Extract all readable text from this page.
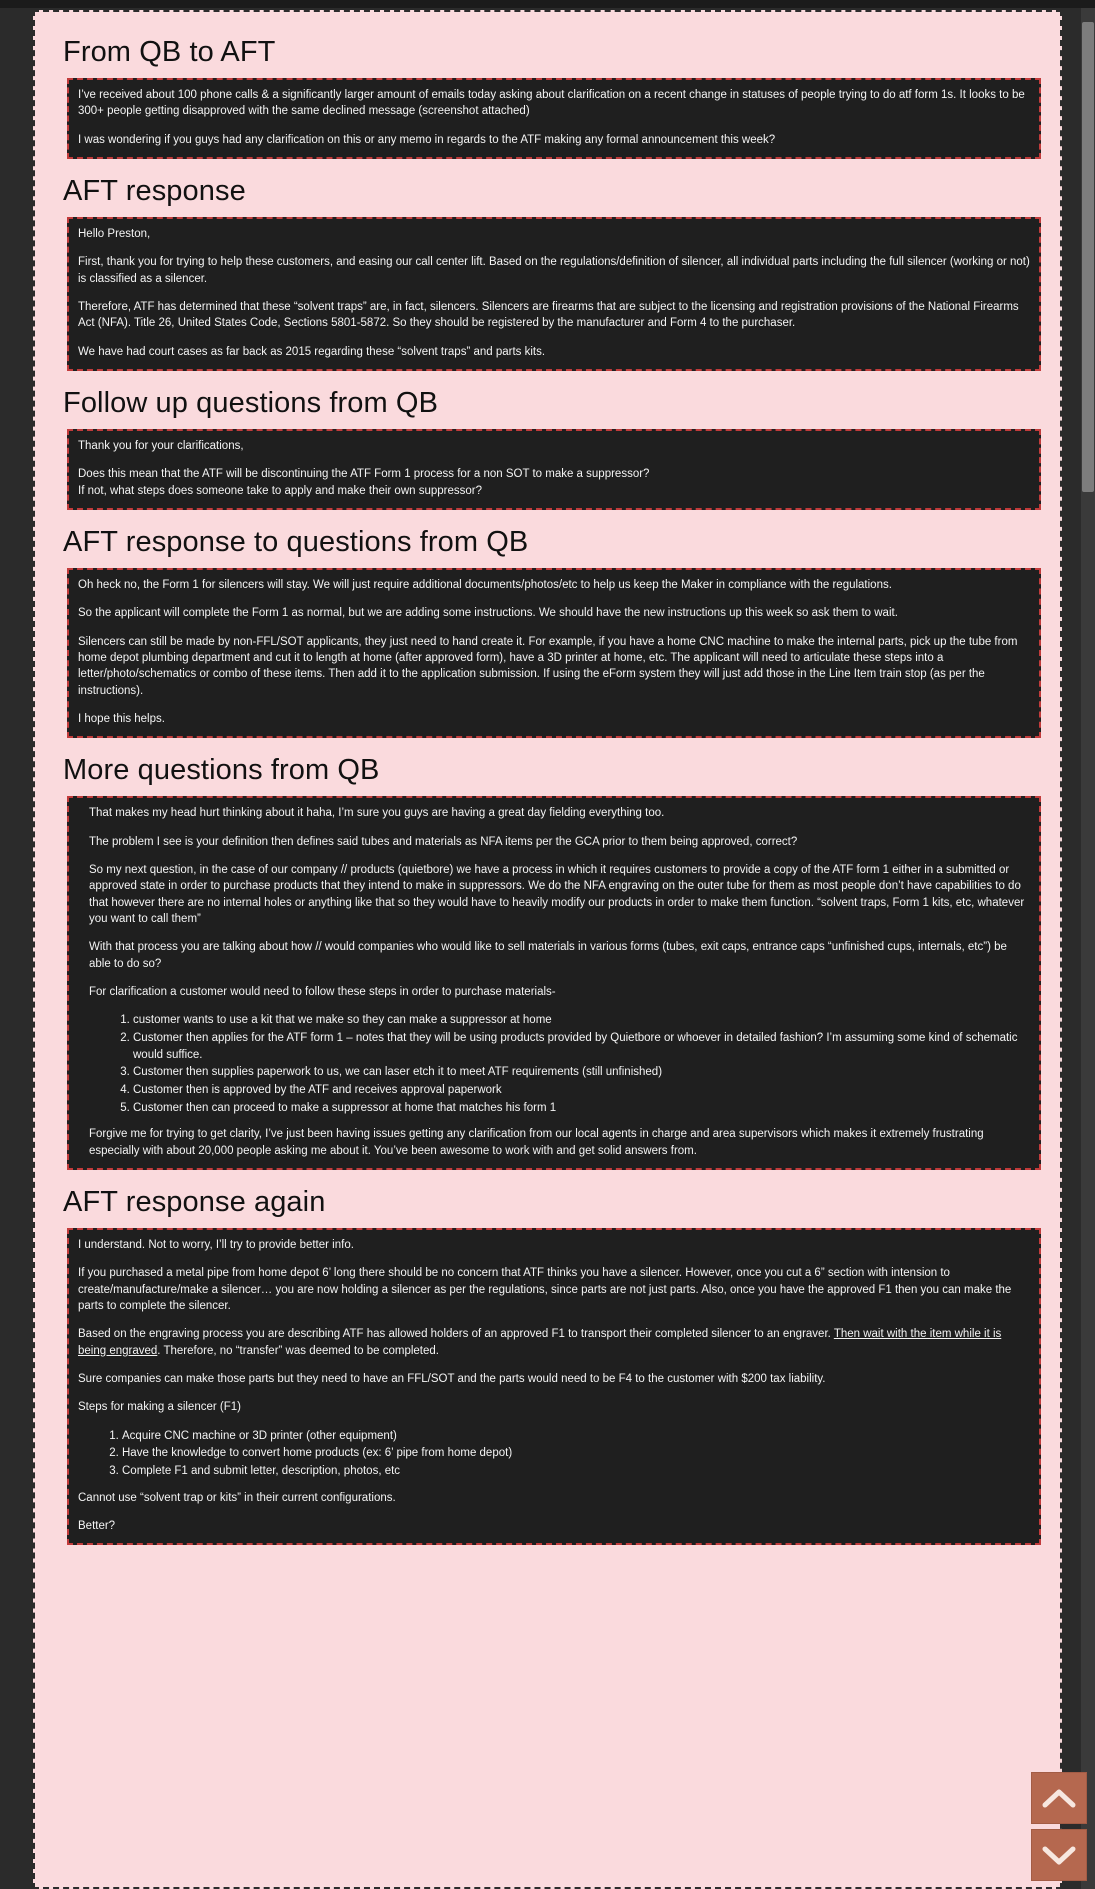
From QB to AFT

I’ve received about 100 phone calls & a significantly larger amount of emails today asking about clarification on a recent change in statuses of people trying to do atf form 1s. It looks to be 300+ people getting disapproved with the same declined message (screenshot attached)

I was wondering if you guys had any clarification on this or any memo in regards to the ATF making any formal announcement this week?

AFT response

Hello Preston,

First, thank you for trying to help these customers, and easing our call center lift. Based on the regulations/definition of silencer, all individual parts including the full silencer (working or not) is classified as a silencer.

Therefore, ATF has determined that these “solvent traps” are, in fact, silencers. Silencers are firearms that are subject to the licensing and registration provisions of the National Firearms Act (NFA). Title 26, United States Code, Sections 5801-5872. So they should be registered by the manufacturer and Form 4 to the purchaser.

We have had court cases as far back as 2015 regarding these “solvent traps” and parts kits.

Follow up questions from QB

Thank you for your clarifications,

Does this mean that the ATF will be discontinuing the ATF Form 1 process for a non SOT to make a suppressor?
If not, what steps does someone take to apply and make their own suppressor?

AFT response to questions from QB

Oh heck no, the Form 1 for silencers will stay. We will just require additional documents/photos/etc to help us keep the Maker in compliance with the regulations.

So the applicant will complete the Form 1 as normal, but we are adding some instructions. We should have the new instructions up this week so ask them to wait.

Silencers can still be made by non-FFL/SOT applicants, they just need to hand create it. For example, if you have a home CNC machine to make the internal parts, pick up the tube from home depot plumbing department and cut it to length at home (after approved form), have a 3D printer at home, etc. The applicant will need to articulate these steps into a letter/photo/schematics or combo of these items. Then add it to the application submission. If using the eForm system they will just add those in the Line Item train stop (as per the instructions).

I hope this helps.

More questions from QB

That makes my head hurt thinking about it haha, I’m sure you guys are having a great day fielding everything too.

The problem I see is your definition then defines said tubes and materials as NFA items per the GCA prior to them being approved, correct?

So my next question, in the case of our company // products (quietbore) we have a process in which it requires customers to provide a copy of the ATF form 1 either in a submitted or approved state in order to purchase products that they intend to make in suppressors. We do the NFA engraving on the outer tube for them as most people don’t have capabilities to do that however there are no internal holes or anything like that so they would have to heavily modify our products in order to make them function. “solvent traps, Form 1 kits, etc, whatever you want to call them”

With that process you are talking about how // would companies who would like to sell materials in various forms (tubes, exit caps, entrance caps “unfinished cups, internals, etc”) be able to do so?

For clarification a customer would need to follow these steps in order to purchase materials-

1. customer wants to use a kit that we make so they can make a suppressor at home
2. Customer then applies for the ATF form 1 – notes that they will be using products provided by Quietbore or whoever in detailed fashion? I’m assuming some kind of schematic would suffice.
3. Customer then supplies paperwork to us, we can laser etch it to meet ATF requirements (still unfinished)
4. Customer then is approved by the ATF and receives approval paperwork
5. Customer then can proceed to make a suppressor at home that matches his form 1

Forgive me for trying to get clarity, I’ve just been having issues getting any clarification from our local agents in charge and area supervisors which makes it extremely frustrating especially with about 20,000 people asking me about it. You’ve been awesome to work with and get solid answers from.

AFT response again

I understand. Not to worry, I’ll try to provide better info.

If you purchased a metal pipe from home depot 6’ long there should be no concern that ATF thinks you have a silencer. However, once you cut a 6” section with intension to create/manufacture/make a silencer… you are now holding a silencer as per the regulations, since parts are not just parts. Also, once you have the approved F1 then you can make the parts to complete the silencer.

Based on the engraving process you are describing ATF has allowed holders of an approved F1 to transport their completed silencer to an engraver. Then wait with the item while it is being engraved. Therefore, no “transfer” was deemed to be completed.

Sure companies can make those parts but they need to have an FFL/SOT and the parts would need to be F4 to the customer with $200 tax liability.

Steps for making a silencer (F1)

1. Acquire CNC machine or 3D printer (other equipment)
2. Have the knowledge to convert home products (ex: 6’ pipe from home depot)
3. Complete F1 and submit letter, description, photos, etc

Cannot use “solvent trap or kits” in their current configurations.

Better?
